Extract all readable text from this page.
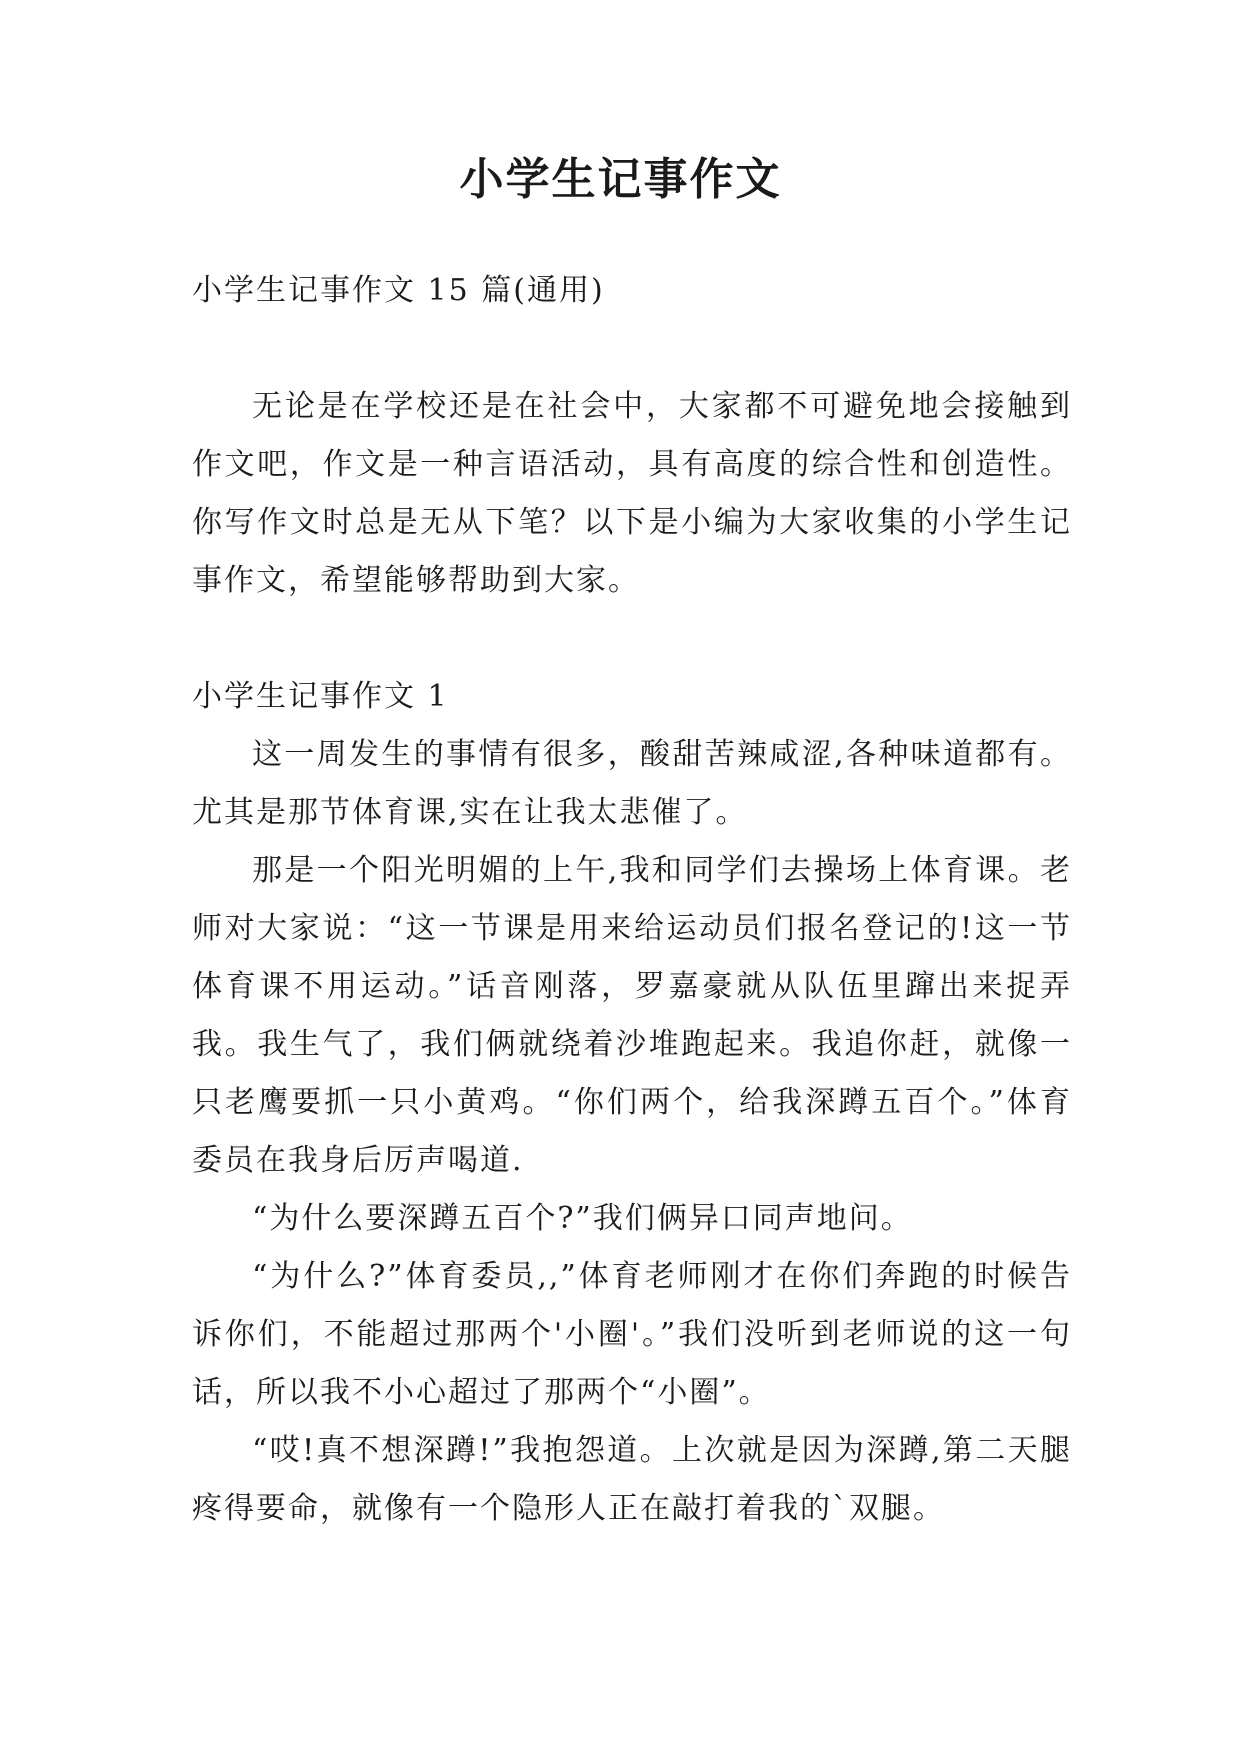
小学生记事作文

小学生记事作文 15 篇(通用)

无论是在学校还是在社会中，大家都不可避免地会接触到作文吧，作文是一种言语活动，具有高度的综合性和创造性。你写作文时总是无从下笔？以下是小编为大家收集的小学生记事作文，希望能够帮助到大家。

小学生记事作文 1

这一周发生的事情有很多，酸甜苦辣咸涩,各种味道都有。尤其是那节体育课,实在让我太悲催了。

那是一个阳光明媚的上午,我和同学们去操场上体育课。老师对大家说：“这一节课是用来给运动员们报名登记的!这一节体育课不用运动。”话音刚落，罗嘉豪就从队伍里蹿出来捉弄我。我生气了，我们俩就绕着沙堆跑起来。我追你赶，就像一只老鹰要抓一只小黄鸡。“你们两个，给我深蹲五百个。”体育委员在我身后厉声喝道.

“为什么要深蹲五百个?”我们俩异口同声地问。

“为什么?”体育委员,,”体育老师刚才在你们奔跑的时候告诉你们，不能超过那两个'小圈'。”我们没听到老师说的这一句话，所以我不小心超过了那两个“小圈”。

“哎!真不想深蹲!”我抱怨道。上次就是因为深蹲,第二天腿疼得要命，就像有一个隐形人正在敲打着我的`双腿。
